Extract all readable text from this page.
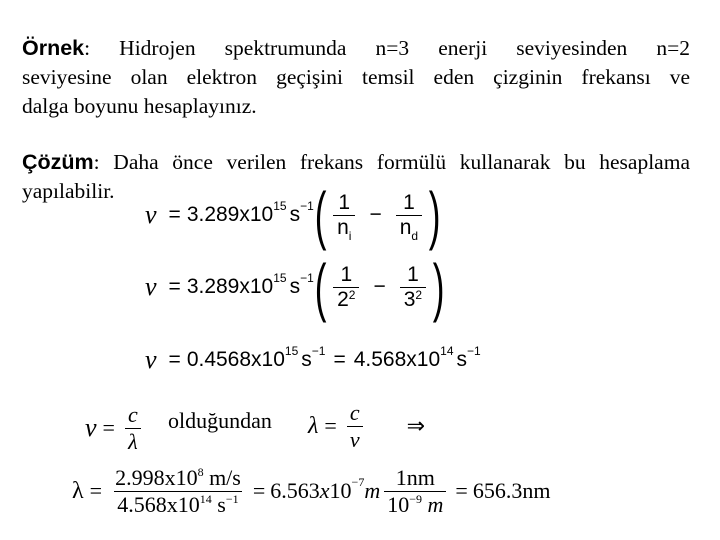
Örnek: Hidrojen spektrumunda n=3 enerji seviyesinden n=2
seviyesine olan elektron geçişini temsil eden çizginin frekansı ve
dalga boyunu hesaplayınız.
Çözüm: Daha önce verilen frekans formülü kullanarak bu hesaplama
yapılabilir.
ν = 3.289x10 15 s −1 ( $\frac{1}{n_i} - \frac{1}{n_d}$ )
ν = 3.289x10 15 s −1 ( $\frac{1}{2^2} - \frac{1}{3^2}$ )
ν = 0.4568x10 15 s −1 = 4.568x10 14 s −1
$\nu = \frac{c}{\lambda}$ olduğundan $\lambda = \frac{c}{\nu}$ ⇒
$\lambda = \frac{2.998x10^8 m/s}{4.568x10^{14} s^{-1}} = 6.563$ x 10 −7 m $\frac{1nm}{10^{-9} m} = 656.3nm$
